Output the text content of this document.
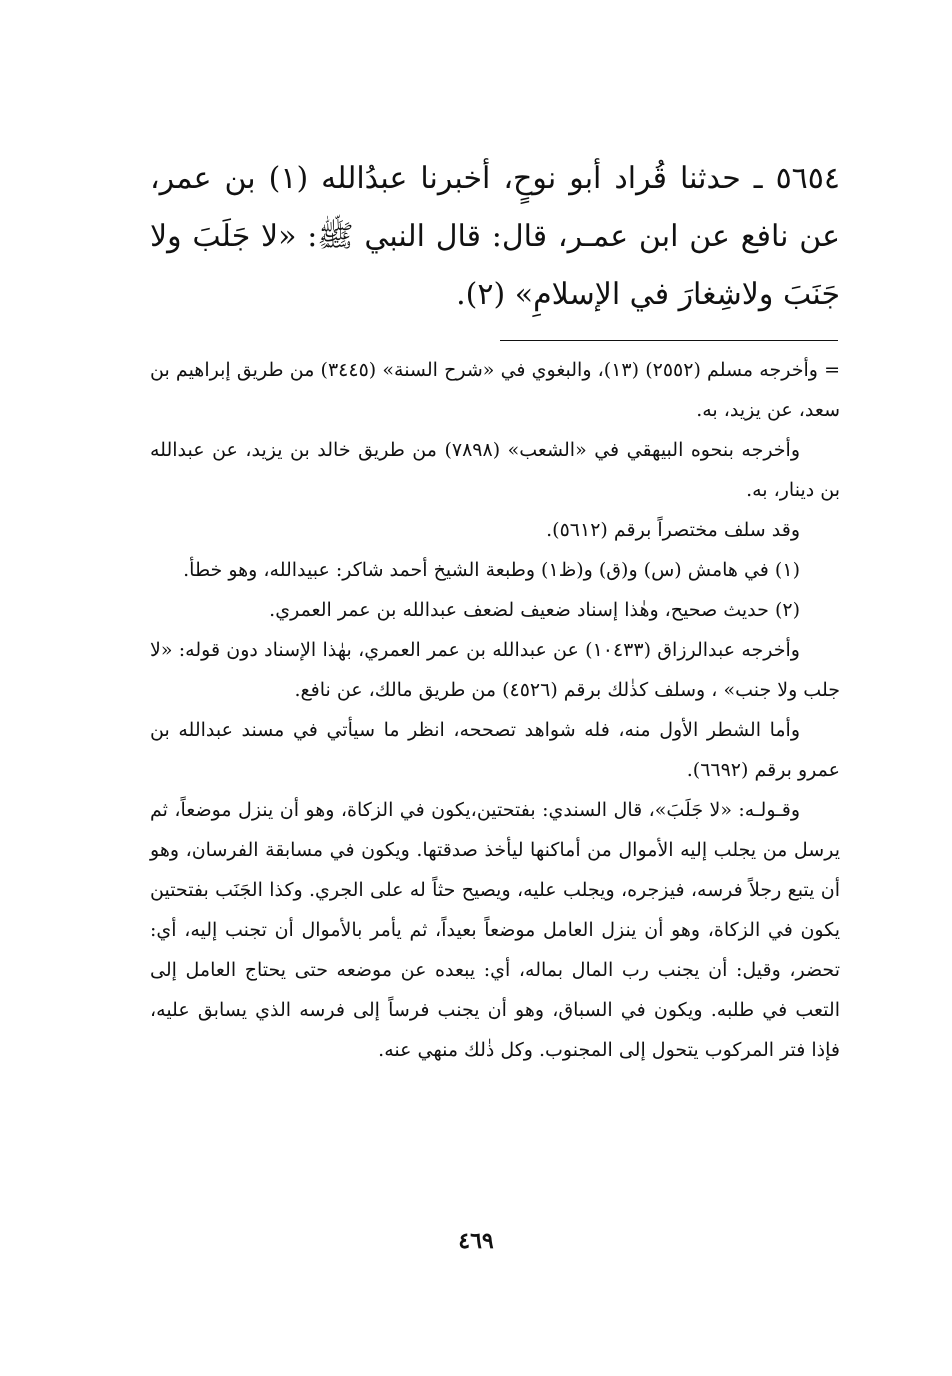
٥٦٥٤ ـ حدثنا قُراد أبو نوحٍ، أخبرنا عبدُالله (١) بن عمر، عن نافع عن ابن عمـر، قال: قال النبي ﷺ: «لا جَلَبَ ولا جَنَبَ ولاشِغارَ في الإسلامِ» (٢).

= وأخرجه مسلم (٢٥٥٢) (١٣)، والبغوي في «شرح السنة» (٣٤٤٥) من طريق إبراهيم بن سعد، عن يزيد، به.

وأخرجه بنحوه البيهقي في «الشعب» (٧٨٩٨) من طريق خالد بن يزيد، عن عبدالله بن دينار، به.

وقد سلف مختصراً برقم (٥٦١٢).

(١) في هامش (س) و(ق) و(ظ١) وطبعة الشيخ أحمد شاكر: عبيدالله، وهو خطأ.

(٢) حديث صحيح، وهٰذا إسناد ضعيف لضعف عبدالله بن عمر العمري.

وأخرجه عبدالرزاق (١٠٤٣٣) عن عبدالله بن عمر العمري، بهٰذا الإسناد دون قوله: «لا جلب ولا جنب» ، وسلف كذٰلك برقم (٤٥٢٦) من طريق مالك، عن نافع.

وأما الشطر الأول منه، فله شواهد تصححه، انظر ما سيأتي في مسند عبدالله بن عمرو برقم (٦٦٩٢).

وقـولـه: «لا جَلَبَ»، قال السندي: بفتحتين،يكون في الزكاة، وهو أن ينزل موضعاً، ثم يرسل من يجلب إليه الأموال من أماكنها ليأخذ صدقتها. ويكون في مسابقة الفرسان، وهو أن يتبع رجلاً فرسه، فيزجره، ويجلب عليه، ويصيح حثاً له على الجري. وكذا الجَنَب بفتحتين يكون في الزكاة، وهو أن ينزل العامل موضعاً بعيداً، ثم يأمر بالأموال أن تجنب إليه، أي: تحضر، وقيل: أن يجنب رب المال بماله، أي: يبعده عن موضعه حتى يحتاج العامل إلى التعب في طلبه. ويكون في السباق، وهو أن يجنب فرساً إلى فرسه الذي يسابق عليه، فإذا فتر المركوب يتحول إلى المجنوب. وكل ذٰلك منهي عنه.

٤٦٩
